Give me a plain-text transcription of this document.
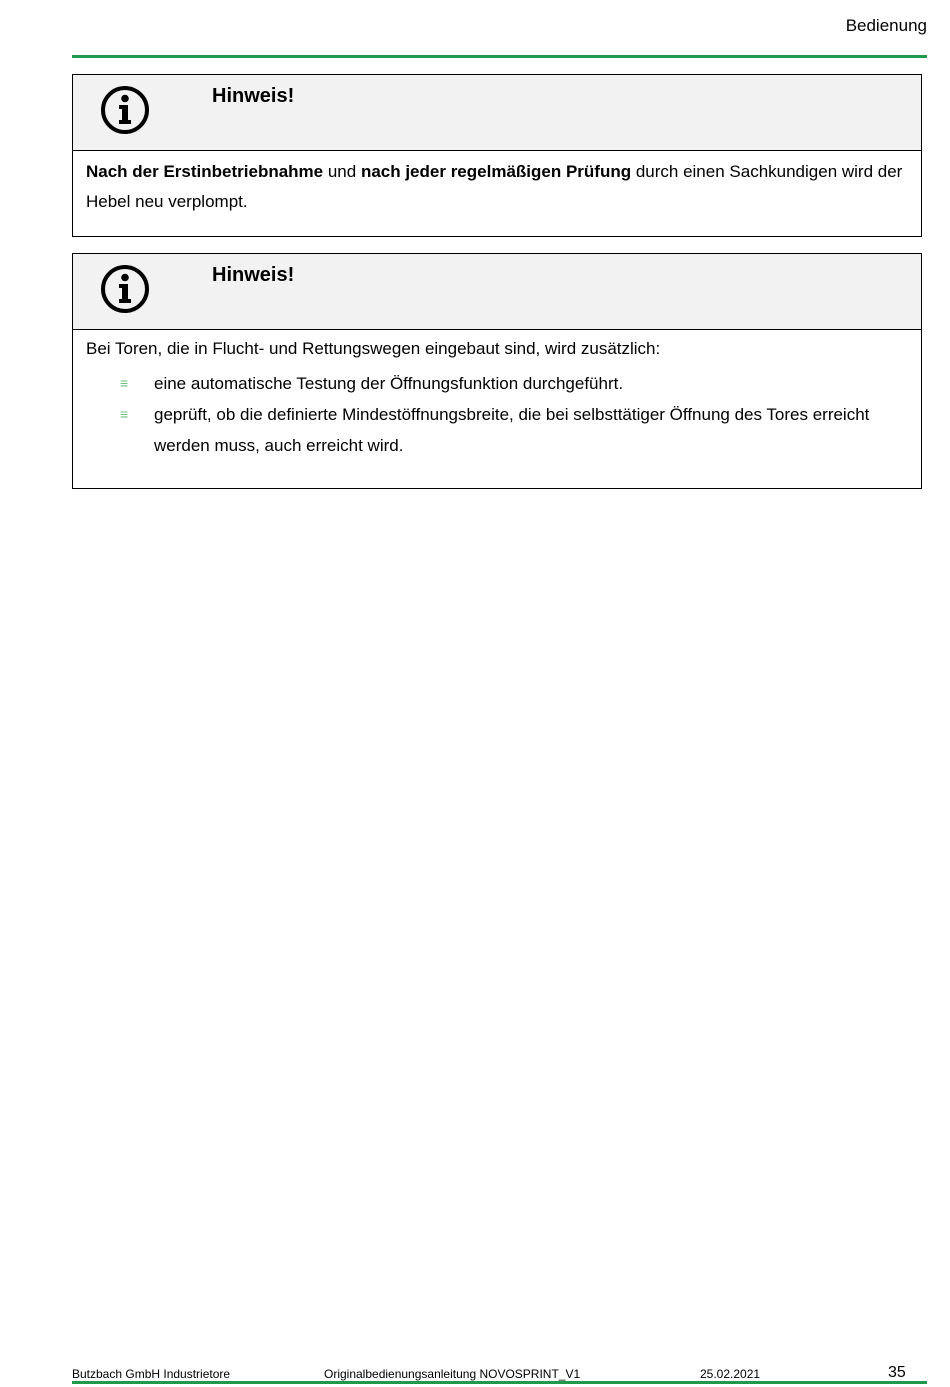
Bedienung
Hinweis!
Nach der Erstinbetriebnahme und nach jeder regelmäßigen Prüfung durch einen Sachkundigen wird der Hebel neu verplompt.
Hinweis!
Bei Toren, die in Flucht- und Rettungswegen eingebaut sind, wird zusätzlich:
≡ eine automatische Testung der Öffnungsfunktion durchgeführt.
≡ geprüft, ob die definierte Mindestöffnungsbreite, die bei selbsttätiger Öffnung des Tores erreicht werden muss, auch erreicht wird.
Butzbach GmbH Industrietore	Originalbedienungsanleitung NOVOSPRINT_V1	25.02.2021	35
